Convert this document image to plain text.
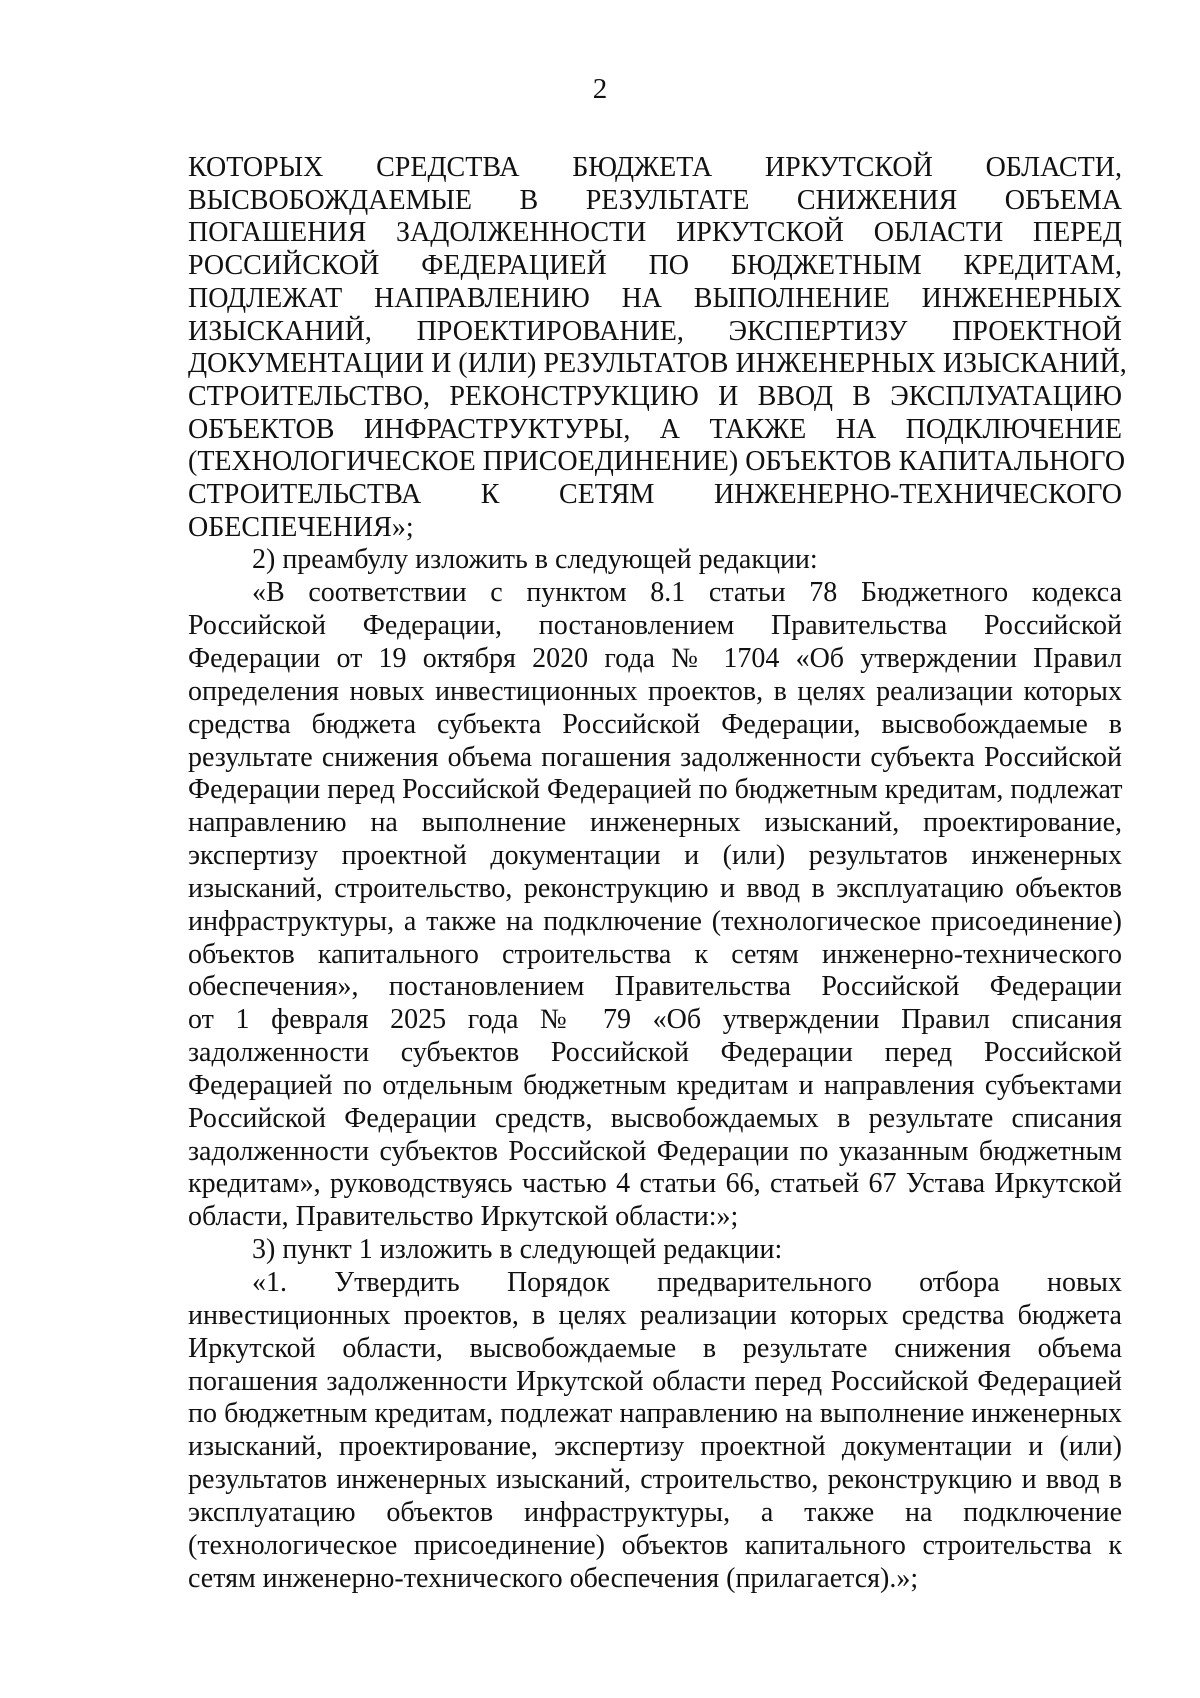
2
КОТОРЫХ СРЕДСТВА БЮДЖЕТА ИРКУТСКОЙ ОБЛАСТИ,
ВЫСВОБОЖДАЕМЫЕ В РЕЗУЛЬТАТЕ СНИЖЕНИЯ ОБЪЕМА
ПОГАШЕНИЯ ЗАДОЛЖЕННОСТИ ИРКУТСКОЙ ОБЛАСТИ ПЕРЕД
РОССИЙСКОЙ ФЕДЕРАЦИЕЙ ПО БЮДЖЕТНЫМ КРЕДИТАМ,
ПОДЛЕЖАТ НАПРАВЛЕНИЮ НА ВЫПОЛНЕНИЕ ИНЖЕНЕРНЫХ
ИЗЫСКАНИЙ, ПРОЕКТИРОВАНИЕ, ЭКСПЕРТИЗУ ПРОЕКТНОЙ
ДОКУМЕНТАЦИИ И (ИЛИ) РЕЗУЛЬТАТОВ ИНЖЕНЕРНЫХ ИЗЫСКАНИЙ,
СТРОИТЕЛЬСТВО, РЕКОНСТРУКЦИЮ И ВВОД В ЭКСПЛУАТАЦИЮ
ОБЪЕКТОВ ИНФРАСТРУКТУРЫ, А ТАКЖЕ НА ПОДКЛЮЧЕНИЕ
(ТЕХНОЛОГИЧЕСКОЕ ПРИСОЕДИНЕНИЕ) ОБЪЕКТОВ КАПИТАЛЬНОГО
СТРОИТЕЛЬСТВА К СЕТЯМ ИНЖЕНЕРНО-ТЕХНИЧЕСКОГО
ОБЕСПЕЧЕНИЯ»;
2) преамбулу изложить в следующей редакции:
«В соответствии с пунктом 8.1 статьи 78 Бюджетного кодекса
Российской Федерации, постановлением Правительства Российской
Федерации от 19 октября 2020 года № 1704 «Об утверждении Правил
определения новых инвестиционных проектов, в целях реализации которых
средства бюджета субъекта Российской Федерации, высвобождаемые в
результате снижения объема погашения задолженности субъекта Российской
Федерации перед Российской Федерацией по бюджетным кредитам, подлежат
направлению на выполнение инженерных изысканий, проектирование,
экспертизу проектной документации и (или) результатов инженерных
изысканий, строительство, реконструкцию и ввод в эксплуатацию объектов
инфраструктуры, а также на подключение (технологическое присоединение)
объектов капитального строительства к сетям инженерно-технического
обеспечения», постановлением Правительства Российской Федерации
от 1 февраля 2025 года № 79 «Об утверждении Правил списания
задолженности субъектов Российской Федерации перед Российской
Федерацией по отдельным бюджетным кредитам и направления субъектами
Российской Федерации средств, высвобождаемых в результате списания
задолженности субъектов Российской Федерации по указанным бюджетным
кредитам», руководствуясь частью 4 статьи 66, статьей 67 Устава Иркутской
области, Правительство Иркутской области:»;
3) пункт 1 изложить в следующей редакции:
«1. Утвердить Порядок предварительного отбора новых
инвестиционных проектов, в целях реализации которых средства бюджета
Иркутской области, высвобождаемые в результате снижения объема
погашения задолженности Иркутской области перед Российской Федерацией
по бюджетным кредитам, подлежат направлению на выполнение инженерных
изысканий, проектирование, экспертизу проектной документации и (или)
результатов инженерных изысканий, строительство, реконструкцию и ввод в
эксплуатацию объектов инфраструктуры, а также на подключение
(технологическое присоединение) объектов капитального строительства к
сетям инженерно-технического обеспечения (прилагается).»;
